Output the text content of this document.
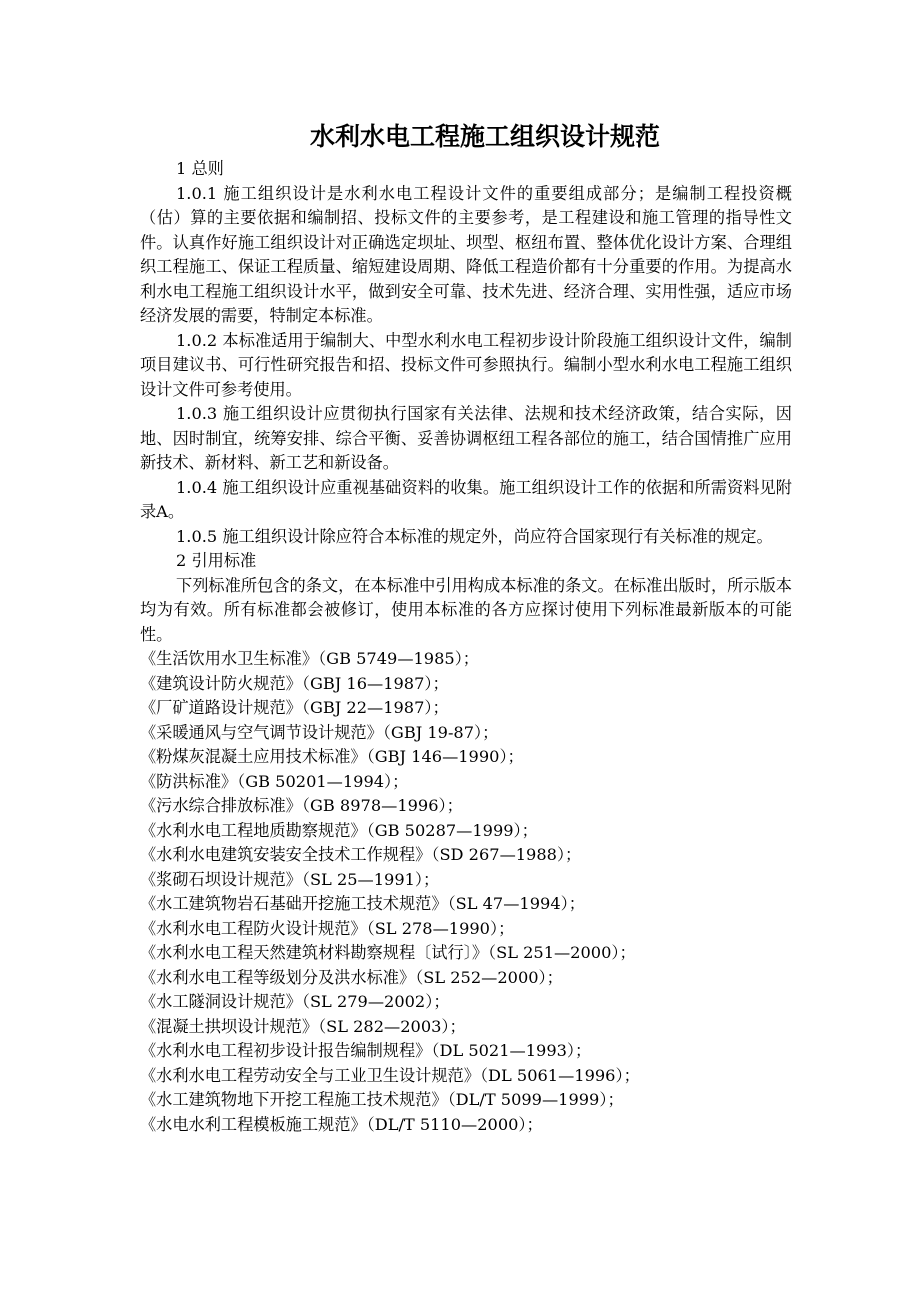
水利水电工程施工组织设计规范
1 总则
1.0.1 施工组织设计是水利水电工程设计文件的重要组成部分；是编制工程投资概（估）算的主要依据和编制招、投标文件的主要参考，是工程建设和施工管理的指导性文件。认真作好施工组织设计对正确选定坝址、坝型、枢纽布置、整体优化设计方案、合理组织工程施工、保证工程质量、缩短建设周期、降低工程造价都有十分重要的作用。为提高水利水电工程施工组织设计水平，做到安全可靠、技术先进、经济合理、实用性强，适应市场经济发展的需要，特制定本标准。
1.0.2 本标准适用于编制大、中型水利水电工程初步设计阶段施工组织设计文件，编制项目建议书、可行性研究报告和招、投标文件可参照执行。编制小型水利水电工程施工组织设计文件可参考使用。
1.0.3 施工组织设计应贯彻执行国家有关法律、法规和技术经济政策，结合实际，因地、因时制宜，统筹安排、综合平衡、妥善协调枢纽工程各部位的施工，结合国情推广应用新技术、新材料、新工艺和新设备。
1.0.4 施工组织设计应重视基础资料的收集。施工组织设计工作的依据和所需资料见附录A。
1.0.5 施工组织设计除应符合本标准的规定外，尚应符合国家现行有关标准的规定。
2 引用标准
下列标准所包含的条文，在本标准中引用构成本标准的条文。在标准出版时，所示版本均为有效。所有标准都会被修订，使用本标准的各方应探讨使用下列标准最新版本的可能性。
《生活饮用水卫生标准》（GB 5749—1985）；
《建筑设计防火规范》（GBJ 16—1987）；
《厂矿道路设计规范》（GBJ 22—1987）；
《采暖通风与空气调节设计规范》（GBJ 19-87）；
《粉煤灰混凝土应用技术标准》（GBJ 146—1990）；
《防洪标准》（GB 50201—1994）；
《污水综合排放标准》（GB 8978—1996）；
《水利水电工程地质勘察规范》（GB 50287—1999）；
《水利水电建筑安装安全技术工作规程》（SD 267—1988）；
《浆砌石坝设计规范》（SL 25—1991）；
《水工建筑物岩石基础开挖施工技术规范》（SL 47—1994）；
《水利水电工程防火设计规范》（SL 278—1990）；
《水利水电工程天然建筑材料勘察规程〔试行〕》（SL 251—2000）；
《水利水电工程等级划分及洪水标准》（SL 252—2000）；
《水工隧洞设计规范》（SL 279—2002）；
《混凝土拱坝设计规范》（SL 282—2003）；
《水利水电工程初步设计报告编制规程》（DL 5021—1993）；
《水利水电工程劳动安全与工业卫生设计规范》（DL 5061—1996）；
《水工建筑物地下开挖工程施工技术规范》（DL/T 5099—1999）；
《水电水利工程模板施工规范》（DL/T 5110—2000）；
